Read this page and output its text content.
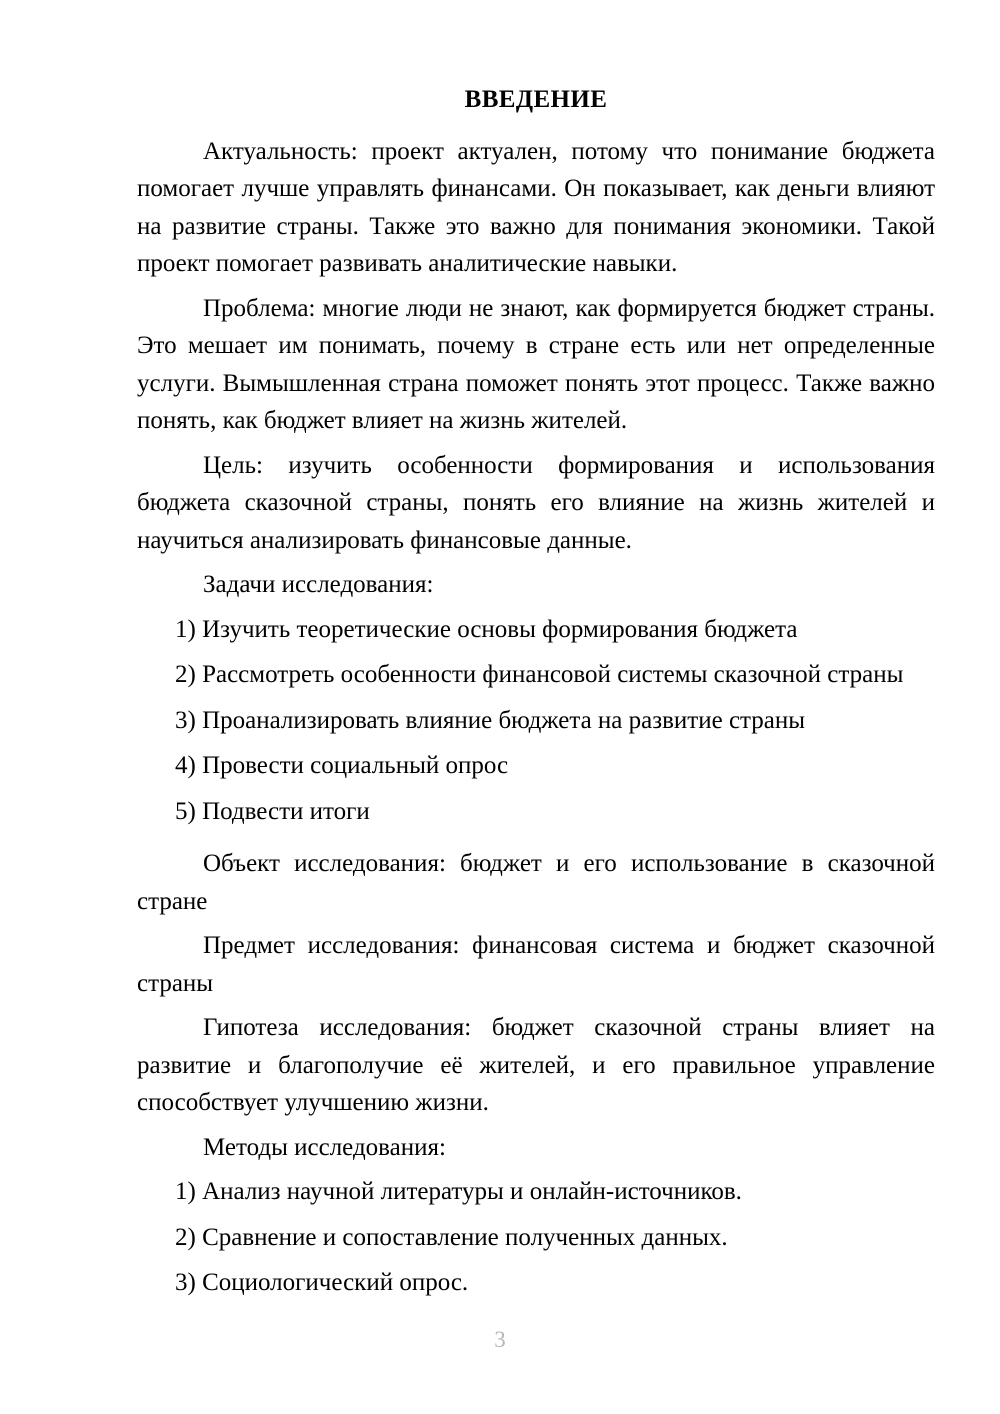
ВВЕДЕНИЕ

Актуальность: проект актуален, потому что понимание бюджета помогает лучше управлять финансами. Он показывает, как деньги влияют на развитие страны. Также это важно для понимания экономики. Такой проект помогает развивать аналитические навыки.

Проблема: многие люди не знают, как формируется бюджет страны. Это мешает им понимать, почему в стране есть или нет определенные услуги. Вымышленная страна поможет понять этот процесс. Также важно понять, как бюджет влияет на жизнь жителей.

Цель: изучить особенности формирования и использования бюджета сказочной страны, понять его влияние на жизнь жителей и научиться анализировать финансовые данные.

Задачи исследования:

1) Изучить теоретические основы формирования бюджета
2) Рассмотреть особенности финансовой системы сказочной страны
3) Проанализировать влияние бюджета на развитие страны
4) Провести социальный опрос
5) Подвести итоги

Объект исследования: бюджет и его использование в сказочной стране

Предмет исследования: финансовая система и бюджет сказочной страны

Гипотеза исследования: бюджет сказочной страны влияет на развитие и благополучие её жителей, и его правильное управление способствует улучшению жизни.

Методы исследования:

1) Анализ научной литературы и онлайн-источников.
2) Сравнение и сопоставление полученных данных.
3) Социологический опрос.
3
